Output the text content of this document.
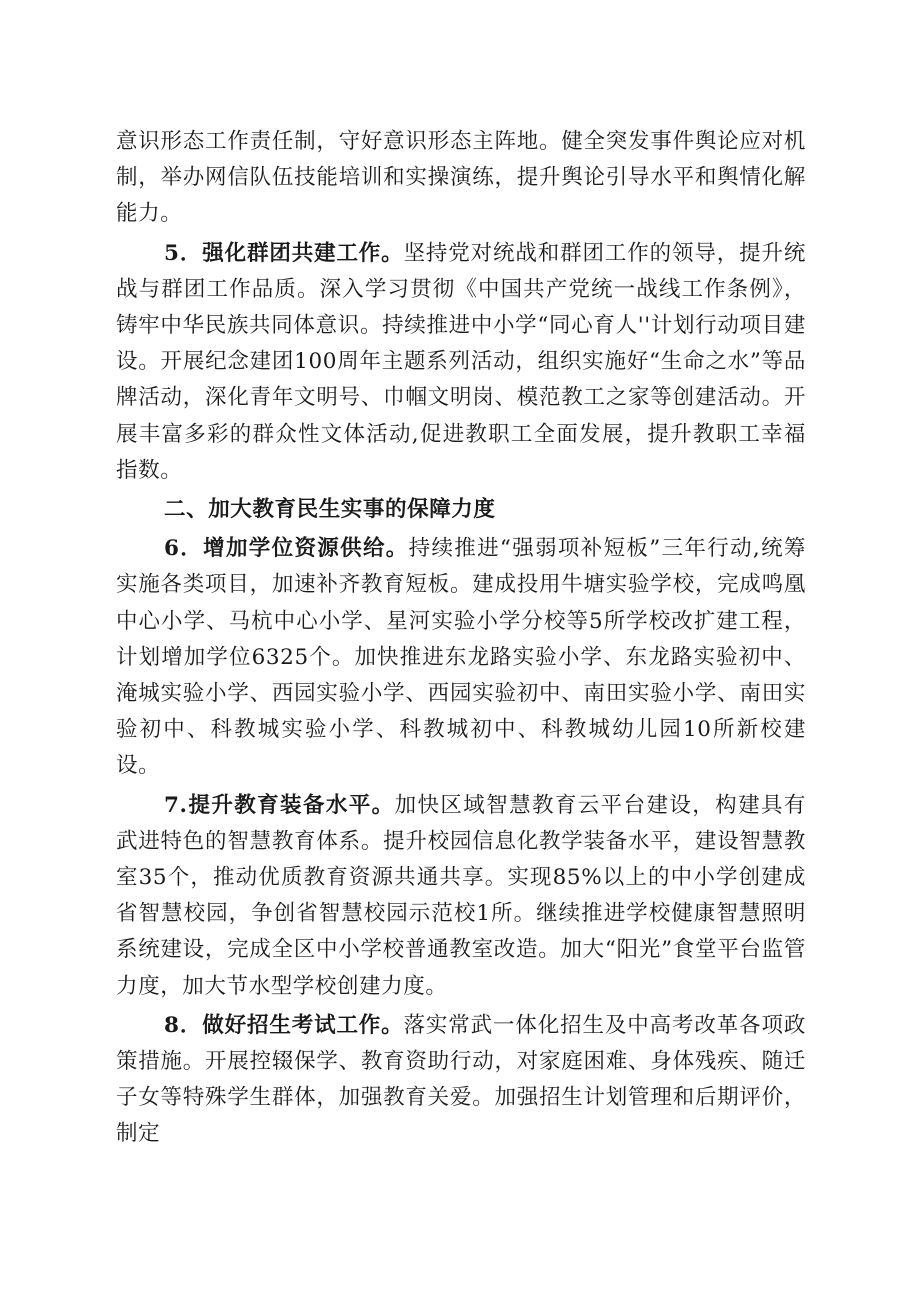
意识形态工作责任制，守好意识形态主阵地。健全突发事件舆论应对机制，举办网信队伍技能培训和实操演练，提升舆论引导水平和舆情化解能力。

5．强化群团共建工作。坚持党对统战和群团工作的领导，提升统战与群团工作品质。深入学习贯彻《中国共产党统一战线工作条例》，铸牢中华民族共同体意识。持续推进中小学“同心育人''计划行动项目建设。开展纪念建团100周年主题系列活动，组织实施好“生命之水”等品牌活动，深化青年文明号、巾帼文明岗、模范教工之家等创建活动。开展丰富多彩的群众性文体活动,促进教职工全面发展，提升教职工幸福指数。

二、加大教育民生实事的保障力度

6．增加学位资源供给。持续推进“强弱项补短板”三年行动,统筹实施各类项目，加速补齐教育短板。建成投用牛塘实验学校，完成鸣凰中心小学、马杭中心小学、星河实验小学分校等5所学校改扩建工程，计划增加学位6325个。加快推进东龙路实验小学、东龙路实验初中、淹城实验小学、西园实验小学、西园实验初中、南田实验小学、南田实验初中、科教城实验小学、科教城初中、科教城幼儿园10所新校建设。

7.提升教育装备水平。加快区域智慧教育云平台建设，构建具有武进特色的智慧教育体系。提升校园信息化教学装备水平，建设智慧教室35个，推动优质教育资源共通共享。实现85%以上的中小学创建成省智慧校园，争创省智慧校园示范校1所。继续推进学校健康智慧照明系统建设，完成全区中小学校普通教室改造。加大“阳光”食堂平台监管力度，加大节水型学校创建力度。

8．做好招生考试工作。落实常武一体化招生及中高考改革各项政策措施。开展控辍保学、教育资助行动，对家庭困难、身体残疾、随迁子女等特殊学生群体，加强教育关爱。加强招生计划管理和后期评价，制定
